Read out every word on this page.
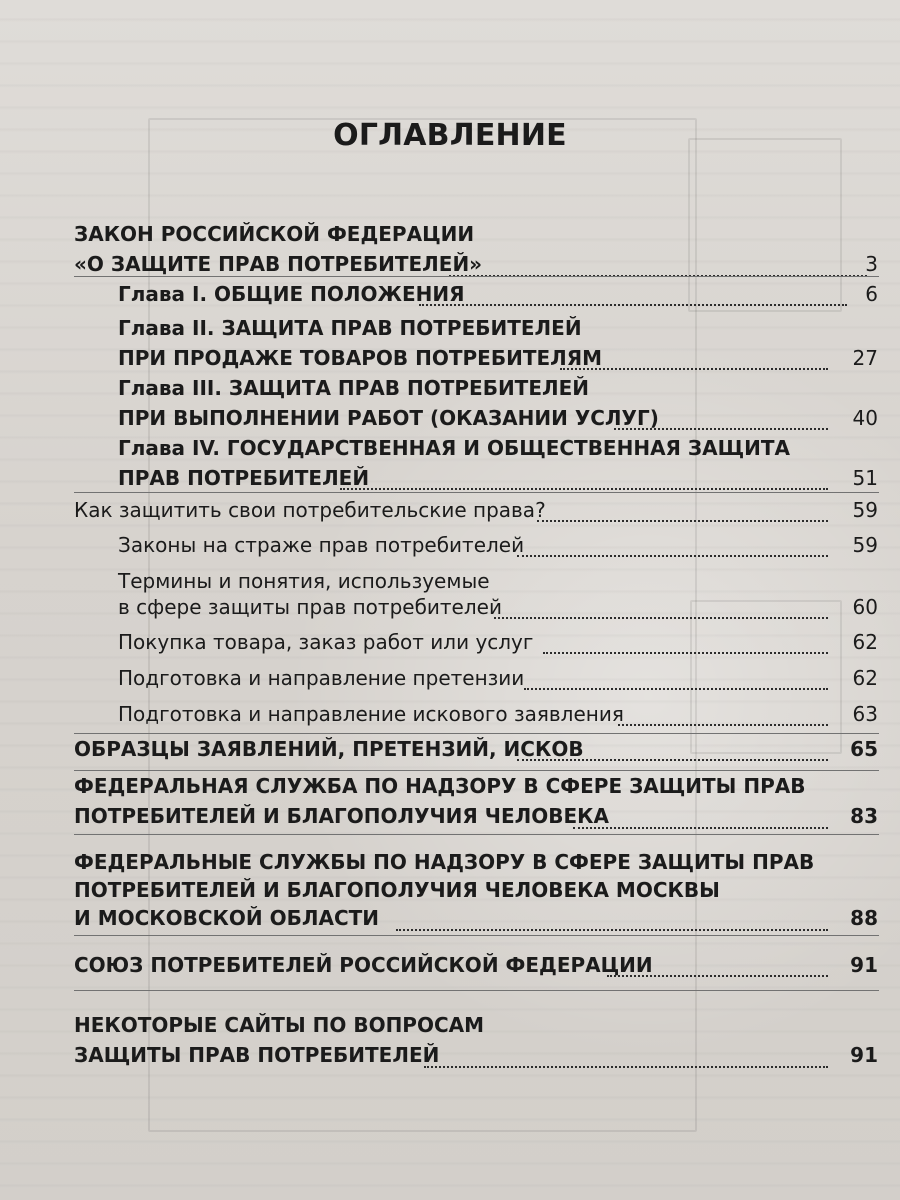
ОГЛАВЛЕНИЕ
ЗАКОН РОССИЙСКОЙ ФЕДЕРАЦИИ
«О ЗАЩИТЕ ПРАВ ПОТРЕБИТЕЛЕЙ»	3
Глава I. ОБЩИЕ ПОЛОЖЕНИЯ	6
Глава II. ЗАЩИТА ПРАВ ПОТРЕБИТЕЛЕЙ
ПРИ ПРОДАЖЕ ТОВАРОВ ПОТРЕБИТЕЛЯМ	27
Глава III. ЗАЩИТА ПРАВ ПОТРЕБИТЕЛЕЙ
ПРИ ВЫПОЛНЕНИИ РАБОТ (ОКАЗАНИИ УСЛУГ)	40
Глава IV. ГОСУДАРСТВЕННАЯ И ОБЩЕСТВЕННАЯ ЗАЩИТА
ПРАВ ПОТРЕБИТЕЛЕЙ	51
Как защитить свои потребительские права?	59
Законы на страже прав потребителей	59
Термины и понятия, используемые
в сфере защиты прав потребителей	60
Покупка товара, заказ работ или услуг	62
Подготовка и направление претензии	62
Подготовка и направление искового заявления	63
ОБРАЗЦЫ ЗАЯВЛЕНИЙ, ПРЕТЕНЗИЙ, ИСКОВ	65
ФЕДЕРАЛЬНАЯ СЛУЖБА ПО НАДЗОРУ В СФЕРЕ ЗАЩИТЫ ПРАВ
ПОТРЕБИТЕЛЕЙ И БЛАГОПОЛУЧИЯ ЧЕЛОВЕКА	83
ФЕДЕРАЛЬНЫЕ СЛУЖБЫ ПО НАДЗОРУ В СФЕРЕ ЗАЩИТЫ ПРАВ
ПОТРЕБИТЕЛЕЙ И БЛАГОПОЛУЧИЯ ЧЕЛОВЕКА МОСКВЫ
И МОСКОВСКОЙ ОБЛАСТИ	88
СОЮЗ ПОТРЕБИТЕЛЕЙ РОССИЙСКОЙ ФЕДЕРАЦИИ	91
НЕКОТОРЫЕ САЙТЫ ПО ВОПРОСАМ
ЗАЩИТЫ ПРАВ ПОТРЕБИТЕЛЕЙ	91
